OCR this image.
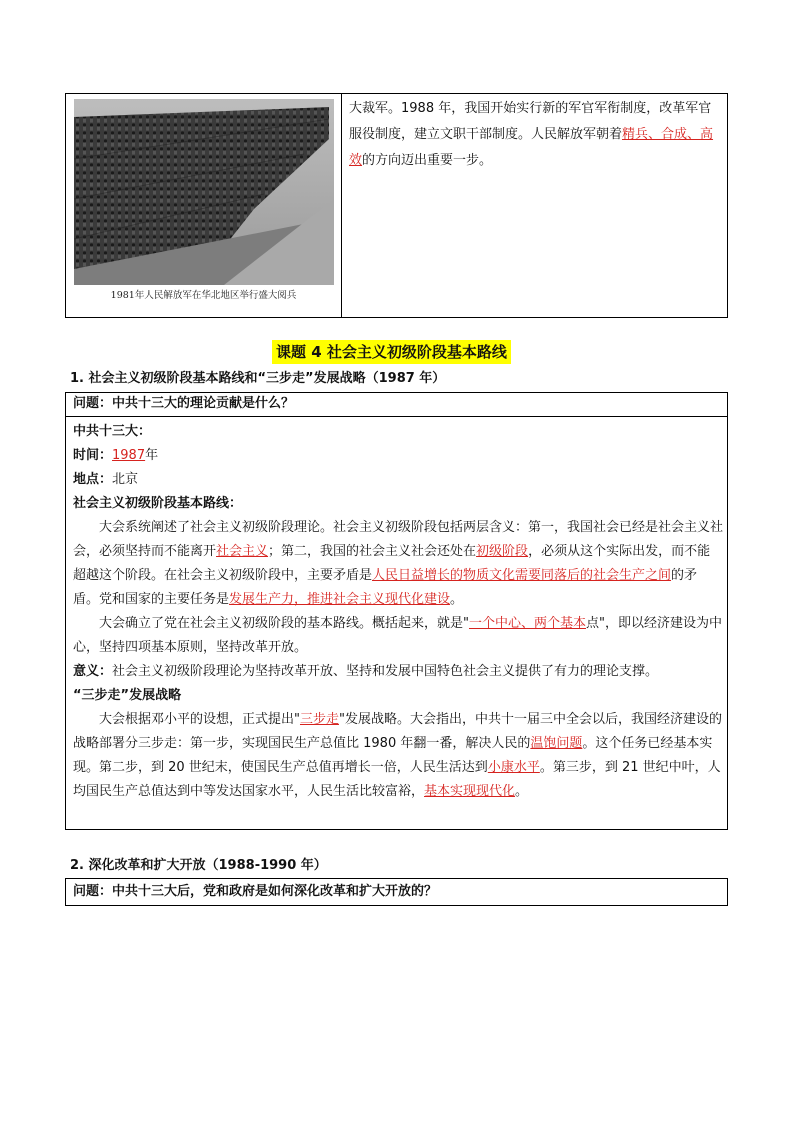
1981年人民解放军在华北地区举行盛大阅兵
大裁军。1988 年，我国开始实行新的军官军衔制度，改革军官服役制度，建立文职干部制度。人民解放军朝着精兵、合成、高效的方向迈出重要一步。
课题 4 社会主义初级阶段基本路线
1. 社会主义初级阶段基本路线和“三步走”发展战略（1987 年）
问题：中共十三大的理论贡献是什么？

中共十三大：

时间：1987年

地点：北京

社会主义初级阶段基本路线：

大会系统阐述了社会主义初级阶段理论。社会主义初级阶段包括两层含义：第一，我国社会已经是社会主义社会，必须坚持而不能离开社会主义；第二，我国的社会主义社会还处在初级阶段，必须从这个实际出发，而不能超越这个阶段。在社会主义初级阶段中，主要矛盾是人民日益增长的物质文化需要同落后的社会生产之间的矛盾。党和国家的主要任务是发展生产力，推进社会主义现代化建设。

大会确立了党在社会主义初级阶段的基本路线。概括起来，就是"一个中心、两个基本点"，即以经济建设为中心，坚持四项基本原则，坚持改革开放。

意义：社会主义初级阶段理论为坚持改革开放、坚持和发展中国特色社会主义提供了有力的理论支撑。

“三步走”发展战略

大会根据邓小平的设想，正式提出"三步走"发展战略。大会指出，中共十一届三中全会以后，我国经济建设的战略部署分三步走：第一步，实现国民生产总值比 1980 年翻一番，解决人民的温饱问题。这个任务已经基本实现。第二步，到 20 世纪末，使国民生产总值再增长一倍，人民生活达到小康水平。第三步，到 21 世纪中叶，人均国民生产总值达到中等发达国家水平，人民生活比较富裕，基本实现现代化。

2. 深化改革和扩大开放（1988-1990 年）
问题：中共十三大后，党和政府是如何深化改革和扩大开放的？
